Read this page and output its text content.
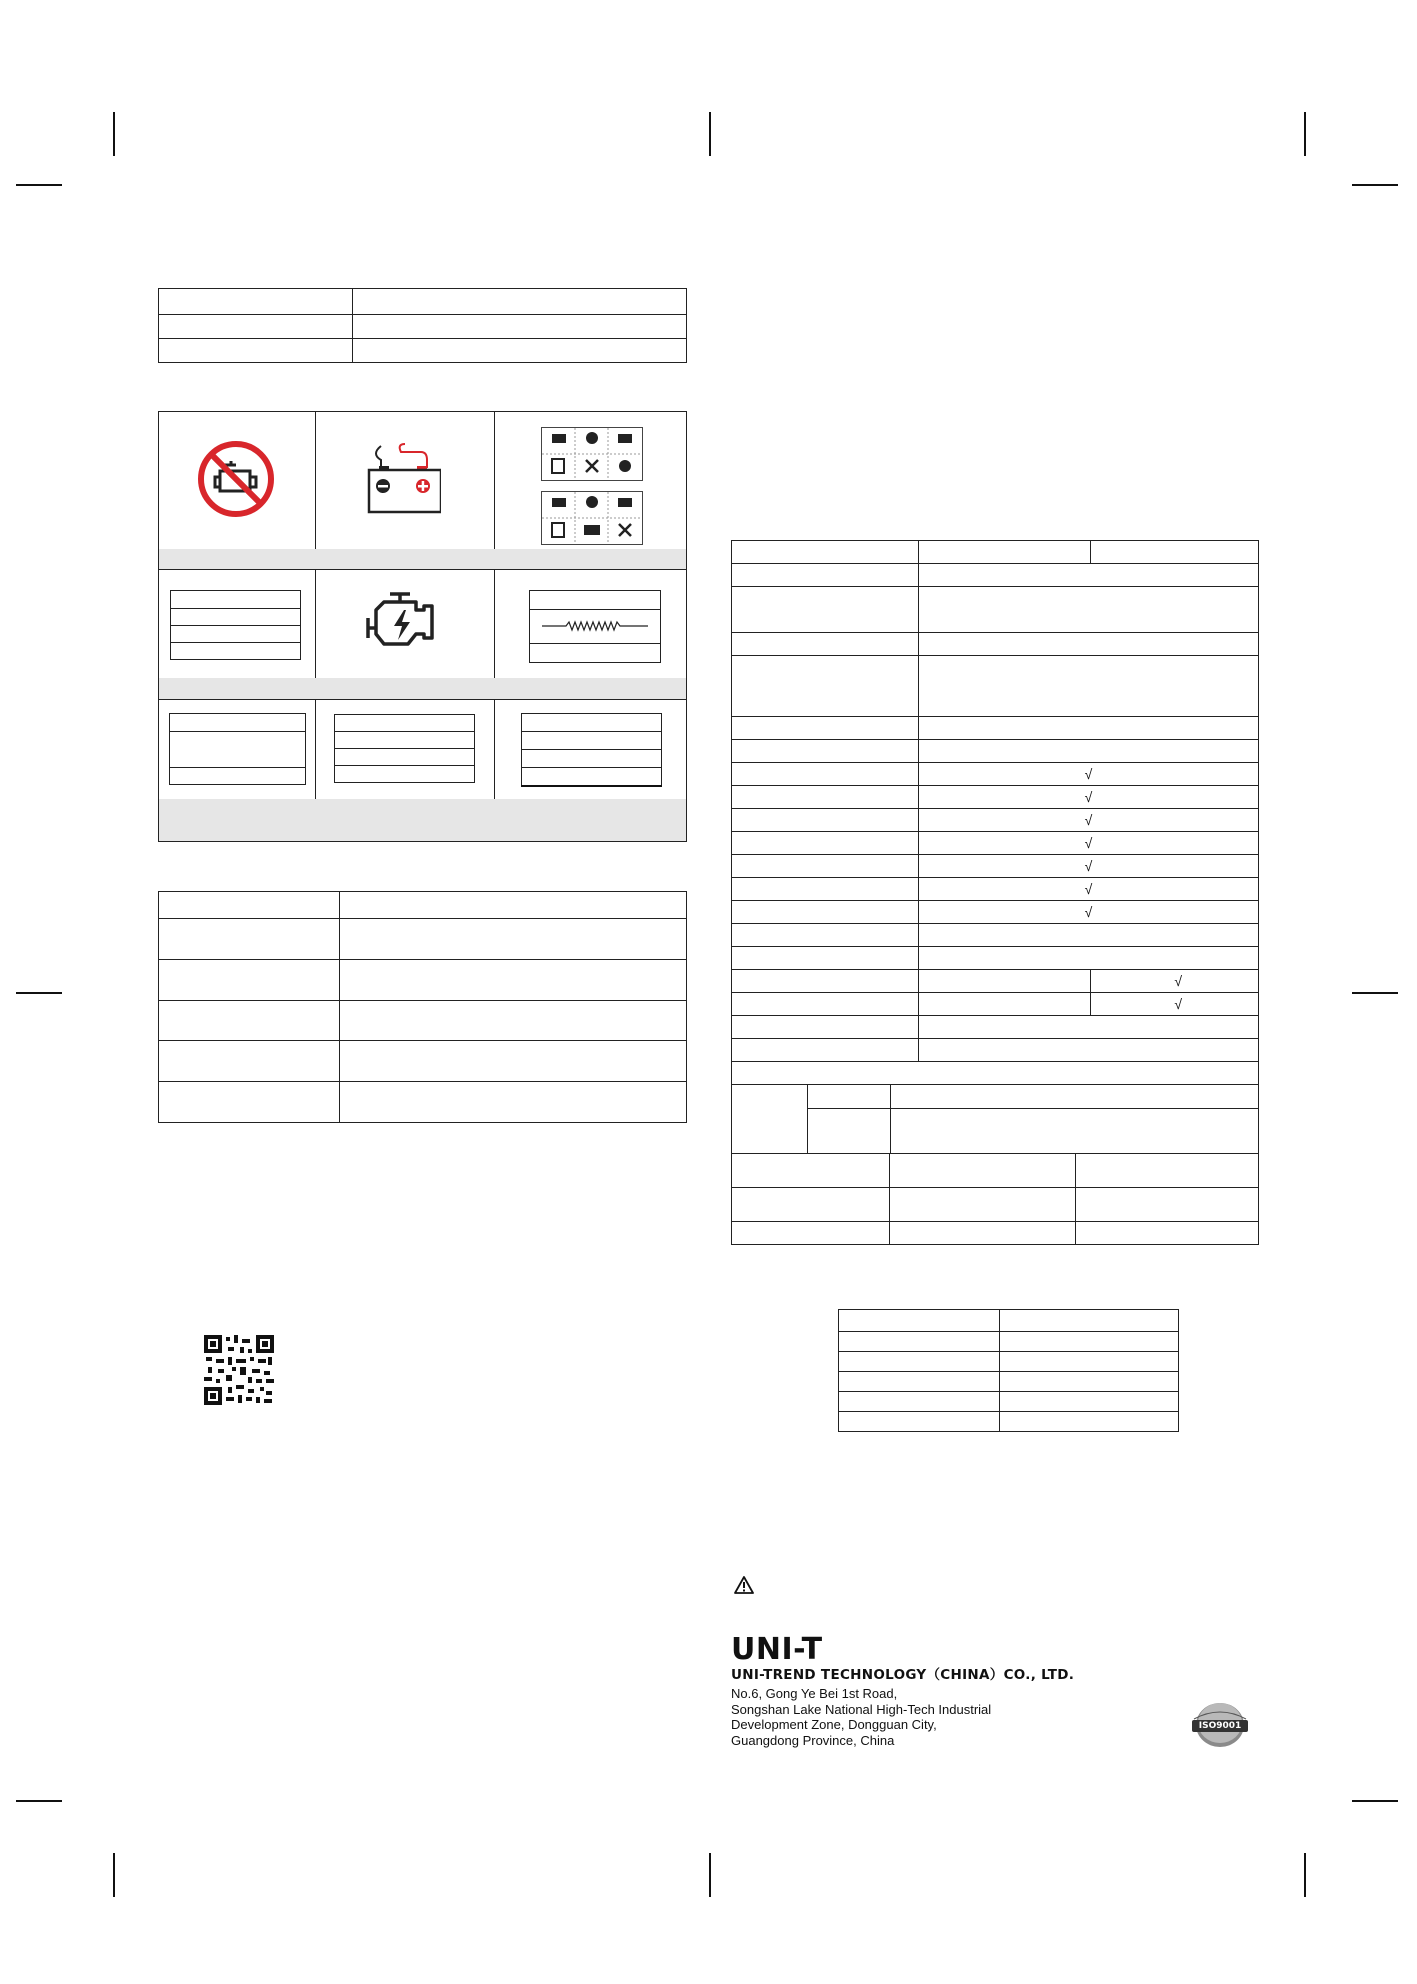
	√	
	√	
	√	
	√	
	√	
	√	
	√	

		√
		√

UNI-T
UNI-TREND TECHNOLOGY（CHINA）CO., LTD.
No.6, Gong Ye Bei 1st Road,
Songshan Lake National High-Tech Industrial
Development Zone, Dongguan City,
Guangdong Province, China
ISO9001
